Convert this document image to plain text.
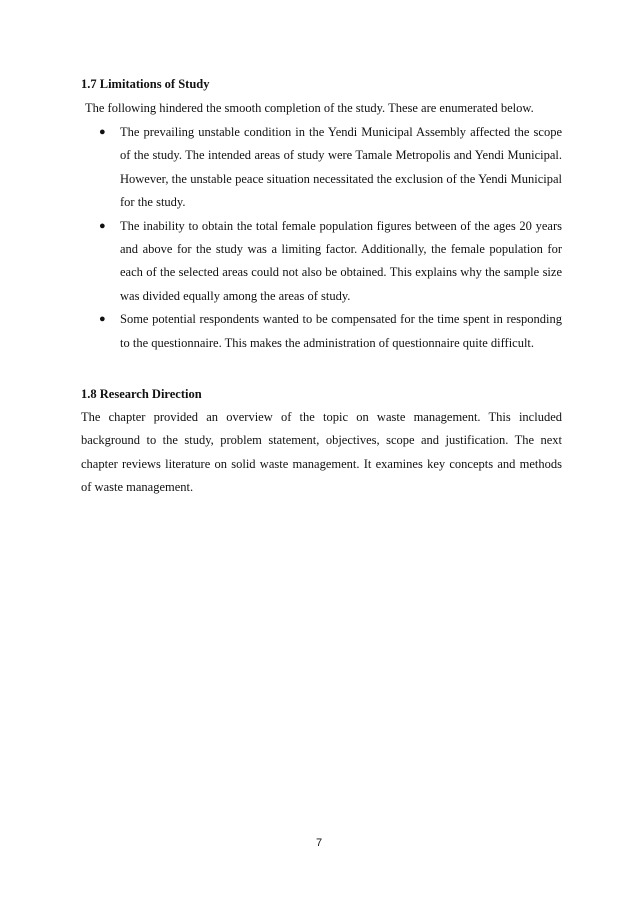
1.7 Limitations of Study
The following hindered the smooth completion of the study. These are enumerated below.
● The prevailing unstable condition in the Yendi Municipal Assembly affected the scope of the study. The intended areas of study were Tamale Metropolis and Yendi Municipal. However, the unstable peace situation necessitated the exclusion of the Yendi Municipal for the study.
● The inability to obtain the total female population figures between of the ages 20 years and above for the study was a limiting factor. Additionally, the female population for each of the selected areas could not also be obtained. This explains why the sample size was divided equally among the areas of study.
● Some potential respondents wanted to be compensated for the time spent in responding to the questionnaire. This makes the administration of questionnaire quite difficult.
1.8 Research Direction

The chapter provided an overview of the topic on waste management. This included background to the study, problem statement, objectives, scope and justification. The next chapter reviews literature on solid waste management. It examines key concepts and methods of waste management.

7
